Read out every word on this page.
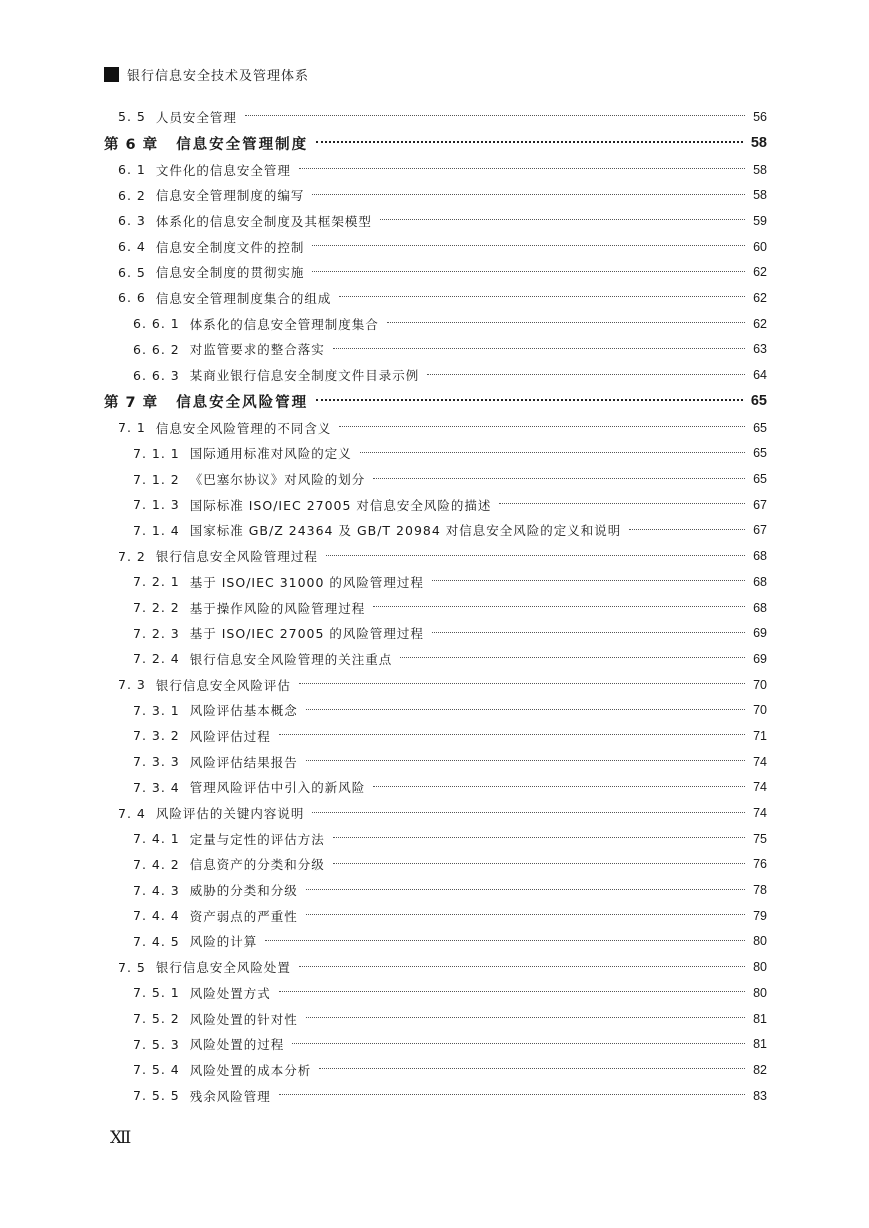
银行信息安全技术及管理体系
5. 5 人员安全管理	56
第 6 章 信息安全管理制度	58
6. 1 文件化的信息安全管理	58
6. 2 信息安全管理制度的编写	58
6. 3 体系化的信息安全制度及其框架模型	59
6. 4 信息安全制度文件的控制	60
6. 5 信息安全制度的贯彻实施	62
6. 6 信息安全管理制度集合的组成	62
6. 6. 1 体系化的信息安全管理制度集合	62
6. 6. 2 对监管要求的整合落实	63
6. 6. 3 某商业银行信息安全制度文件目录示例	64
第 7 章 信息安全风险管理	65
7. 1 信息安全风险管理的不同含义	65
7. 1. 1 国际通用标准对风险的定义	65
7. 1. 2 《巴塞尔协议》对风险的划分	65
7. 1. 3 国际标准 ISO/IEC 27005 对信息安全风险的描述	67
7. 1. 4 国家标准 GB/Z 24364 及 GB/T 20984 对信息安全风险的定义和说明	67
7. 2 银行信息安全风险管理过程	68
7. 2. 1 基于 ISO/IEC 31000 的风险管理过程	68
7. 2. 2 基于操作风险的风险管理过程	68
7. 2. 3 基于 ISO/IEC 27005 的风险管理过程	69
7. 2. 4 银行信息安全风险管理的关注重点	69
7. 3 银行信息安全风险评估	70
7. 3. 1 风险评估基本概念	70
7. 3. 2 风险评估过程	71
7. 3. 3 风险评估结果报告	74
7. 3. 4 管理风险评估中引入的新风险	74
7. 4 风险评估的关键内容说明	74
7. 4. 1 定量与定性的评估方法	75
7. 4. 2 信息资产的分类和分级	76
7. 4. 3 威胁的分类和分级	78
7. 4. 4 资产弱点的严重性	79
7. 4. 5 风险的计算	80
7. 5 银行信息安全风险处置	80
7. 5. 1 风险处置方式	80
7. 5. 2 风险处置的针对性	81
7. 5. 3 风险处置的过程	81
7. 5. 4 风险处置的成本分析	82
7. 5. 5 残余风险管理	83
Ⅻ
